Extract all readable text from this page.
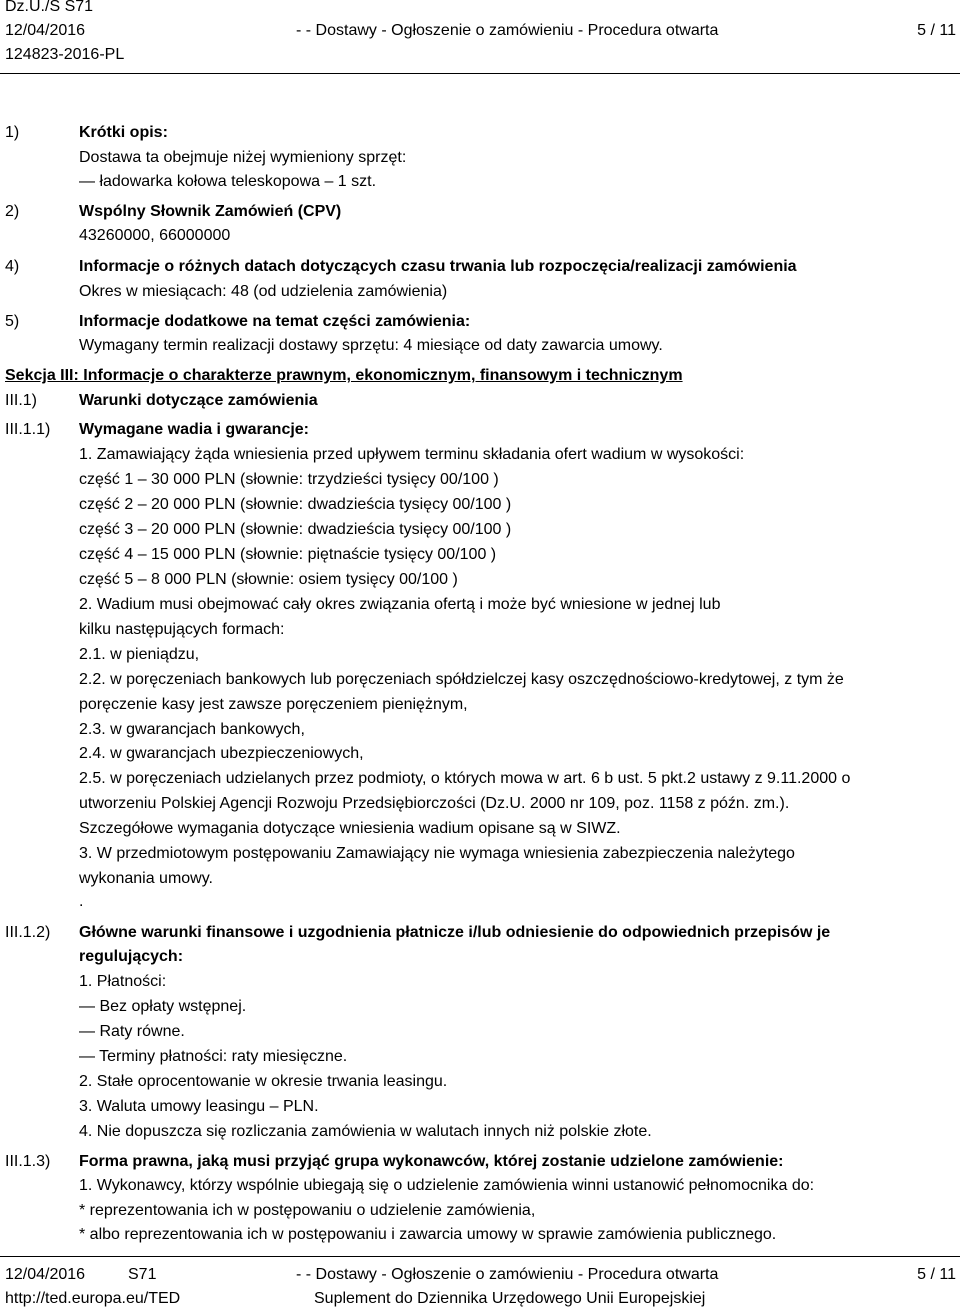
Dz.U./S S71
12/04/2016	- - Dostawy - Ogłoszenie o zamówieniu - Procedura otwarta	5 / 11
124823-2016-PL
1)	Krótki opis:
Dostawa ta obejmuje niżej wymieniony sprzęt:
— ładowarka kołowa teleskopowa – 1 szt.
2)	Wspólny Słownik Zamówień (CPV)
43260000, 66000000
4)	Informacje o różnych datach dotyczących czasu trwania lub rozpoczęcia/realizacji zamówienia
Okres w miesiącach: 48 (od udzielenia zamówienia)
5)	Informacje dodatkowe na temat części zamówienia:
Wymagany termin realizacji dostawy sprzętu: 4 miesiące od daty zawarcia umowy.
Sekcja III: Informacje o charakterze prawnym, ekonomicznym, finansowym i technicznym
III.1)	Warunki dotyczące zamówienia
III.1.1) Wymagane wadia i gwarancje:
1. Zamawiający żąda wniesienia przed upływem terminu składania ofert wadium w wysokości:
część 1 – 30 000 PLN (słownie: trzydzieści tysięcy 00/100 )
część 2 – 20 000 PLN (słownie: dwadzieścia tysięcy 00/100 )
część 3 – 20 000 PLN (słownie: dwadzieścia tysięcy 00/100 )
część 4 – 15 000 PLN (słownie: piętnaście tysięcy 00/100 )
część 5 – 8 000 PLN (słownie: osiem tysięcy 00/100 )
2. Wadium musi obejmować cały okres związania ofertą i może być wniesione w jednej lub
kilku następujących formach:
2.1. w pieniądzu,
2.2. w poręczeniach bankowych lub poręczeniach spółdzielczej kasy oszczędnościowo-kredytowej, z tym że
poręczenie kasy jest zawsze poręczeniem pieniężnym,
2.3. w gwarancjach bankowych,
2.4. w gwarancjach ubezpieczeniowych,
2.5. w poręczeniach udzielanych przez podmioty, o których mowa w art. 6 b ust. 5 pkt.2 ustawy z 9.11.2000 o
utworzeniu Polskiej Agencji Rozwoju Przedsiębiorczości (Dz.U. 2000 nr 109, poz. 1158 z późn. zm.).
Szczegółowe wymagania dotyczące wniesienia wadium opisane są w SIWZ.
3. W przedmiotowym postępowaniu Zamawiający nie wymaga wniesienia zabezpieczenia należytego
wykonania umowy.
.
III.1.2) Główne warunki finansowe i uzgodnienia płatnicze i/lub odniesienie do odpowiednich przepisów je
regulujących:
1. Płatności:
— Bez opłaty wstępnej.
— Raty równe.
— Terminy płatności: raty miesięczne.
2. Stałe oprocentowanie w okresie trwania leasingu.
3. Waluta umowy leasingu – PLN.
4. Nie dopuszcza się rozliczania zamówienia w walutach innych niż polskie złote.
III.1.3) Forma prawna, jaką musi przyjąć grupa wykonawców, której zostanie udzielone zamówienie:
1. Wykonawcy, którzy wspólnie ubiegają się o udzielenie zamówienia winni ustanowić pełnomocnika do:
* reprezentowania ich w postępowaniu o udzielenie zamówienia,
* albo reprezentowania ich w postępowaniu i zawarcia umowy w sprawie zamówienia publicznego.
12/04/2016	S71	- - Dostawy - Ogłoszenie o zamówieniu - Procedura otwarta	5 / 11
http://ted.europa.eu/TED	Suplement do Dziennika Urzędowego Unii Europejskiej
